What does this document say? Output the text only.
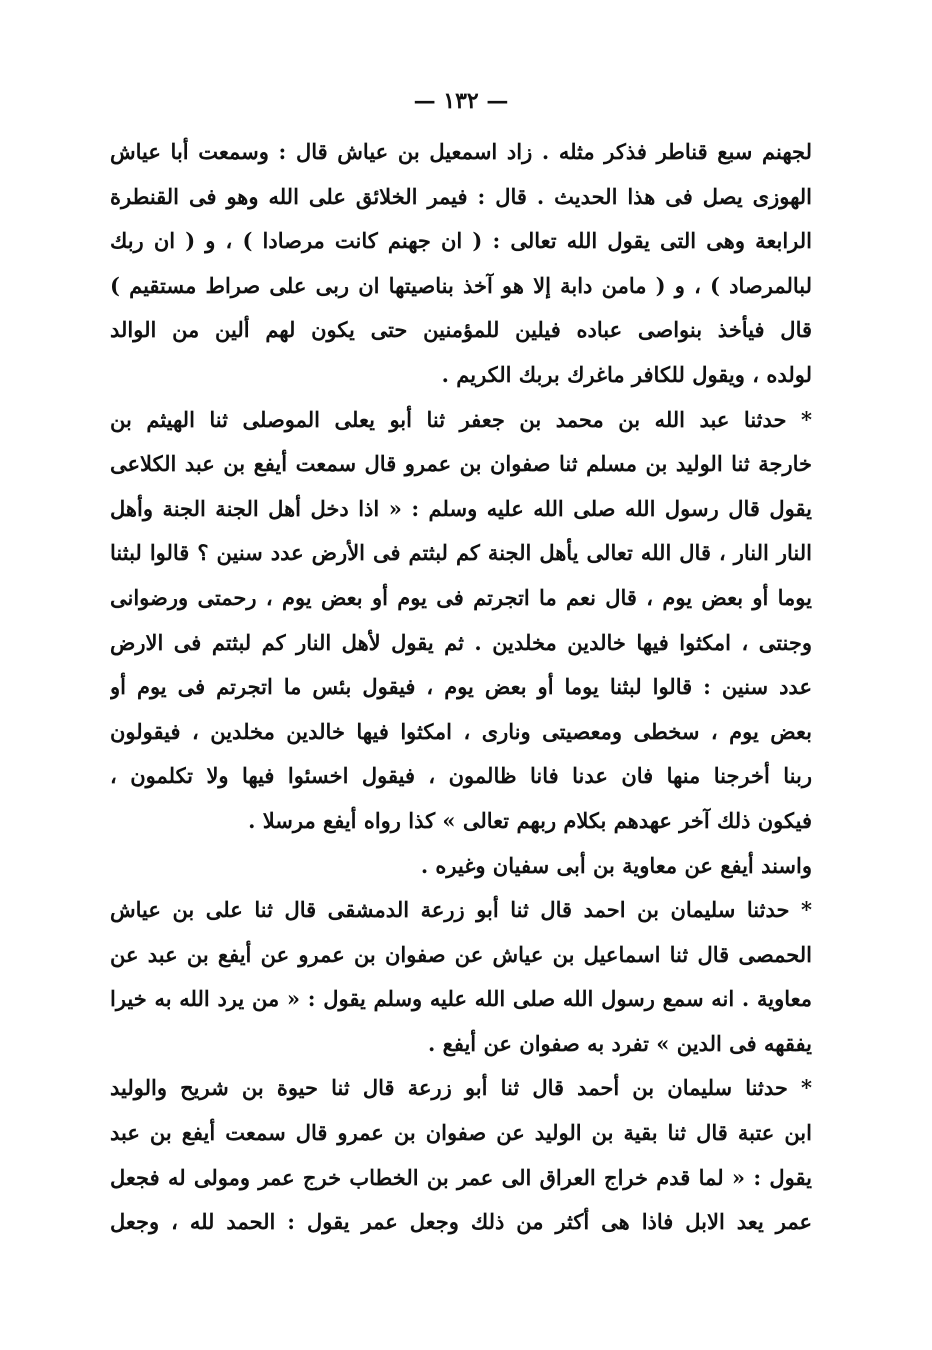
— ١٣٢ —
لجهنم سبع قناطر فذكر مثله . زاد اسمعيل بن عياش قال : وسمعت أبا عياش
الهوزى يصل فى هذا الحديث . قال : فيمر الخلائق على الله وهو فى القنطرة
الرابعة وهى التى يقول الله تعالى : ( ان جهنم كانت مرصادا ) ، و ( ان ربك
لبالمرصاد ) ، و ( مامن دابة إلا هو آخذ بناصيتها ان ربى على صراط مستقيم )
قال فيأخذ بنواصى عباده فيلين للمؤمنين حتى يكون لهم ألين من الوالد
لولده ، ويقول للكافر ماغرك بربك الكريم .
* حدثنا عبد الله بن محمد بن جعفر ثنا أبو يعلى الموصلى ثنا الهيثم بن
خارجة ثنا الوليد بن مسلم ثنا صفوان بن عمرو قال سمعت أيفع بن عبد الكلاعى
يقول قال رسول الله صلى الله عليه وسلم : « اذا دخل أهل الجنة الجنة وأهل
النار النار ، قال الله تعالى يأهل الجنة كم لبثتم فى الأرض عدد سنين ؟ قالوا لبثنا
يوما أو بعض يوم ، قال نعم ما اتجرتم فى يوم أو بعض يوم ، رحمتى ورضوانى
وجنتى ، امكثوا فيها خالدين مخلدين . ثم يقول لأهل النار كم لبثتم فى الارض
عدد سنين : قالوا لبثنا يوما أو بعض يوم ، فيقول بئس ما اتجرتم فى يوم أو
بعض يوم ، سخطى ومعصيتى ونارى ، امكثوا فيها خالدين مخلدين ، فيقولون
ربنا أخرجنا منها فان عدنا فانا ظالمون ، فيقول اخسئوا فيها ولا تكلمون ،
فيكون ذلك آخر عهدهم بكلام ربهم تعالى » كذا رواه أيفع مرسلا .
واسند أيفع عن معاوية بن أبى سفيان وغيره .
* حدثنا سليمان بن احمد قال ثنا أبو زرعة الدمشقى قال ثنا على بن عياش
الحمصى قال ثنا اسماعيل بن عياش عن صفوان بن عمرو عن أيفع بن عبد عن
معاوية . انه سمع رسول الله صلى الله عليه وسلم يقول : « من يرد الله به خيرا
يفقهه فى الدين » تفرد به صفوان عن أيفع .
* حدثنا سليمان بن أحمد قال ثنا أبو زرعة قال ثنا حيوة بن شريح والوليد
ابن عتبة قال ثنا بقية بن الوليد عن صفوان بن عمرو قال سمعت أيفع بن عبد
يقول : « لما قدم خراج العراق الى عمر بن الخطاب خرج عمر ومولى له فجعل
عمر يعد الابل فاذا هى أكثر من ذلك وجعل عمر يقول : الحمد لله ، وجعل
